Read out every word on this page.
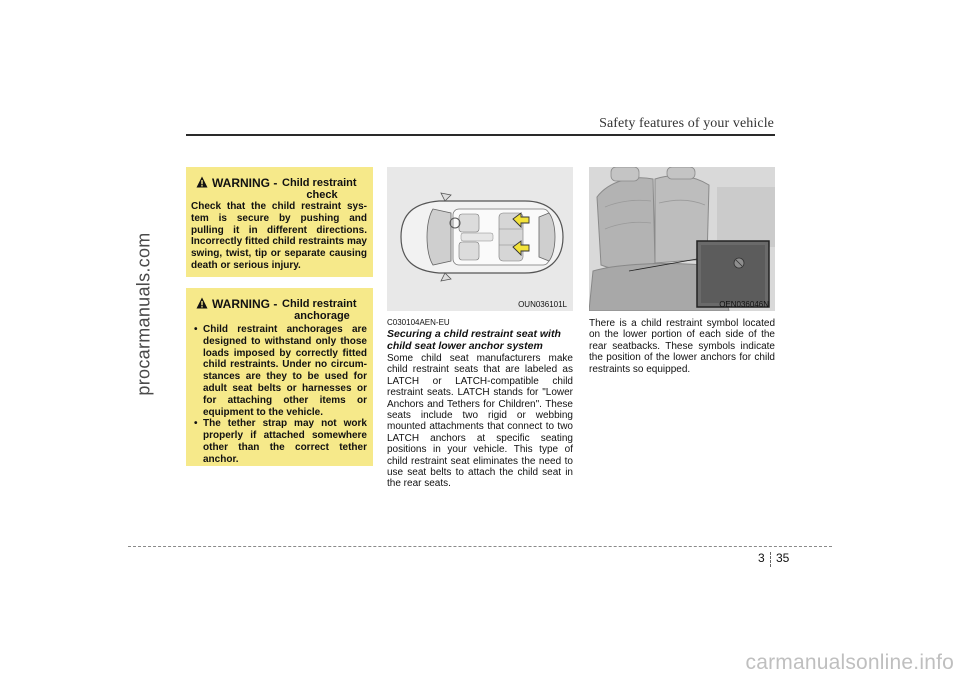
Safety features of your vehicle
procarmanuals.com
WARNING - Child restraint
check
Check that the child restraint sys-tem is secure by pushing and pulling it in different directions. Incorrectly fitted child restraints may swing, twist, tip or separate causing death or serious injury.
WARNING - Child restraint
anchorage
• Child restraint anchorages are designed to withstand only those loads imposed by correctly fitted child restraints. Under no circum-stances are they to be used for adult seat belts or harnesses or for attaching other items or equipment to the vehicle.
• The tether strap may not work properly if attached somewhere other than the correct tether anchor.
OUN036101L	OEN036046N
C030104AEN-EU
Securing a child restraint seat with child seat lower anchor system
Some child seat manufacturers make child restraint seats that are labeled as LATCH or LATCH-compatible child restraint seats. LATCH stands for "Lower Anchors and Tethers for Children". These seats include two rigid or webbing mounted attachments that connect to two LATCH anchors at specific seating positions in your vehicle. This type of child restraint seat eliminates the need to use seat belts to attach the child seat in the rear seats.
There is a child restraint symbol located on the lower portion of each side of the rear seatbacks. These symbols indicate the position of the lower anchors for child restraints so equipped.
3 35
carmanualsonline.info
